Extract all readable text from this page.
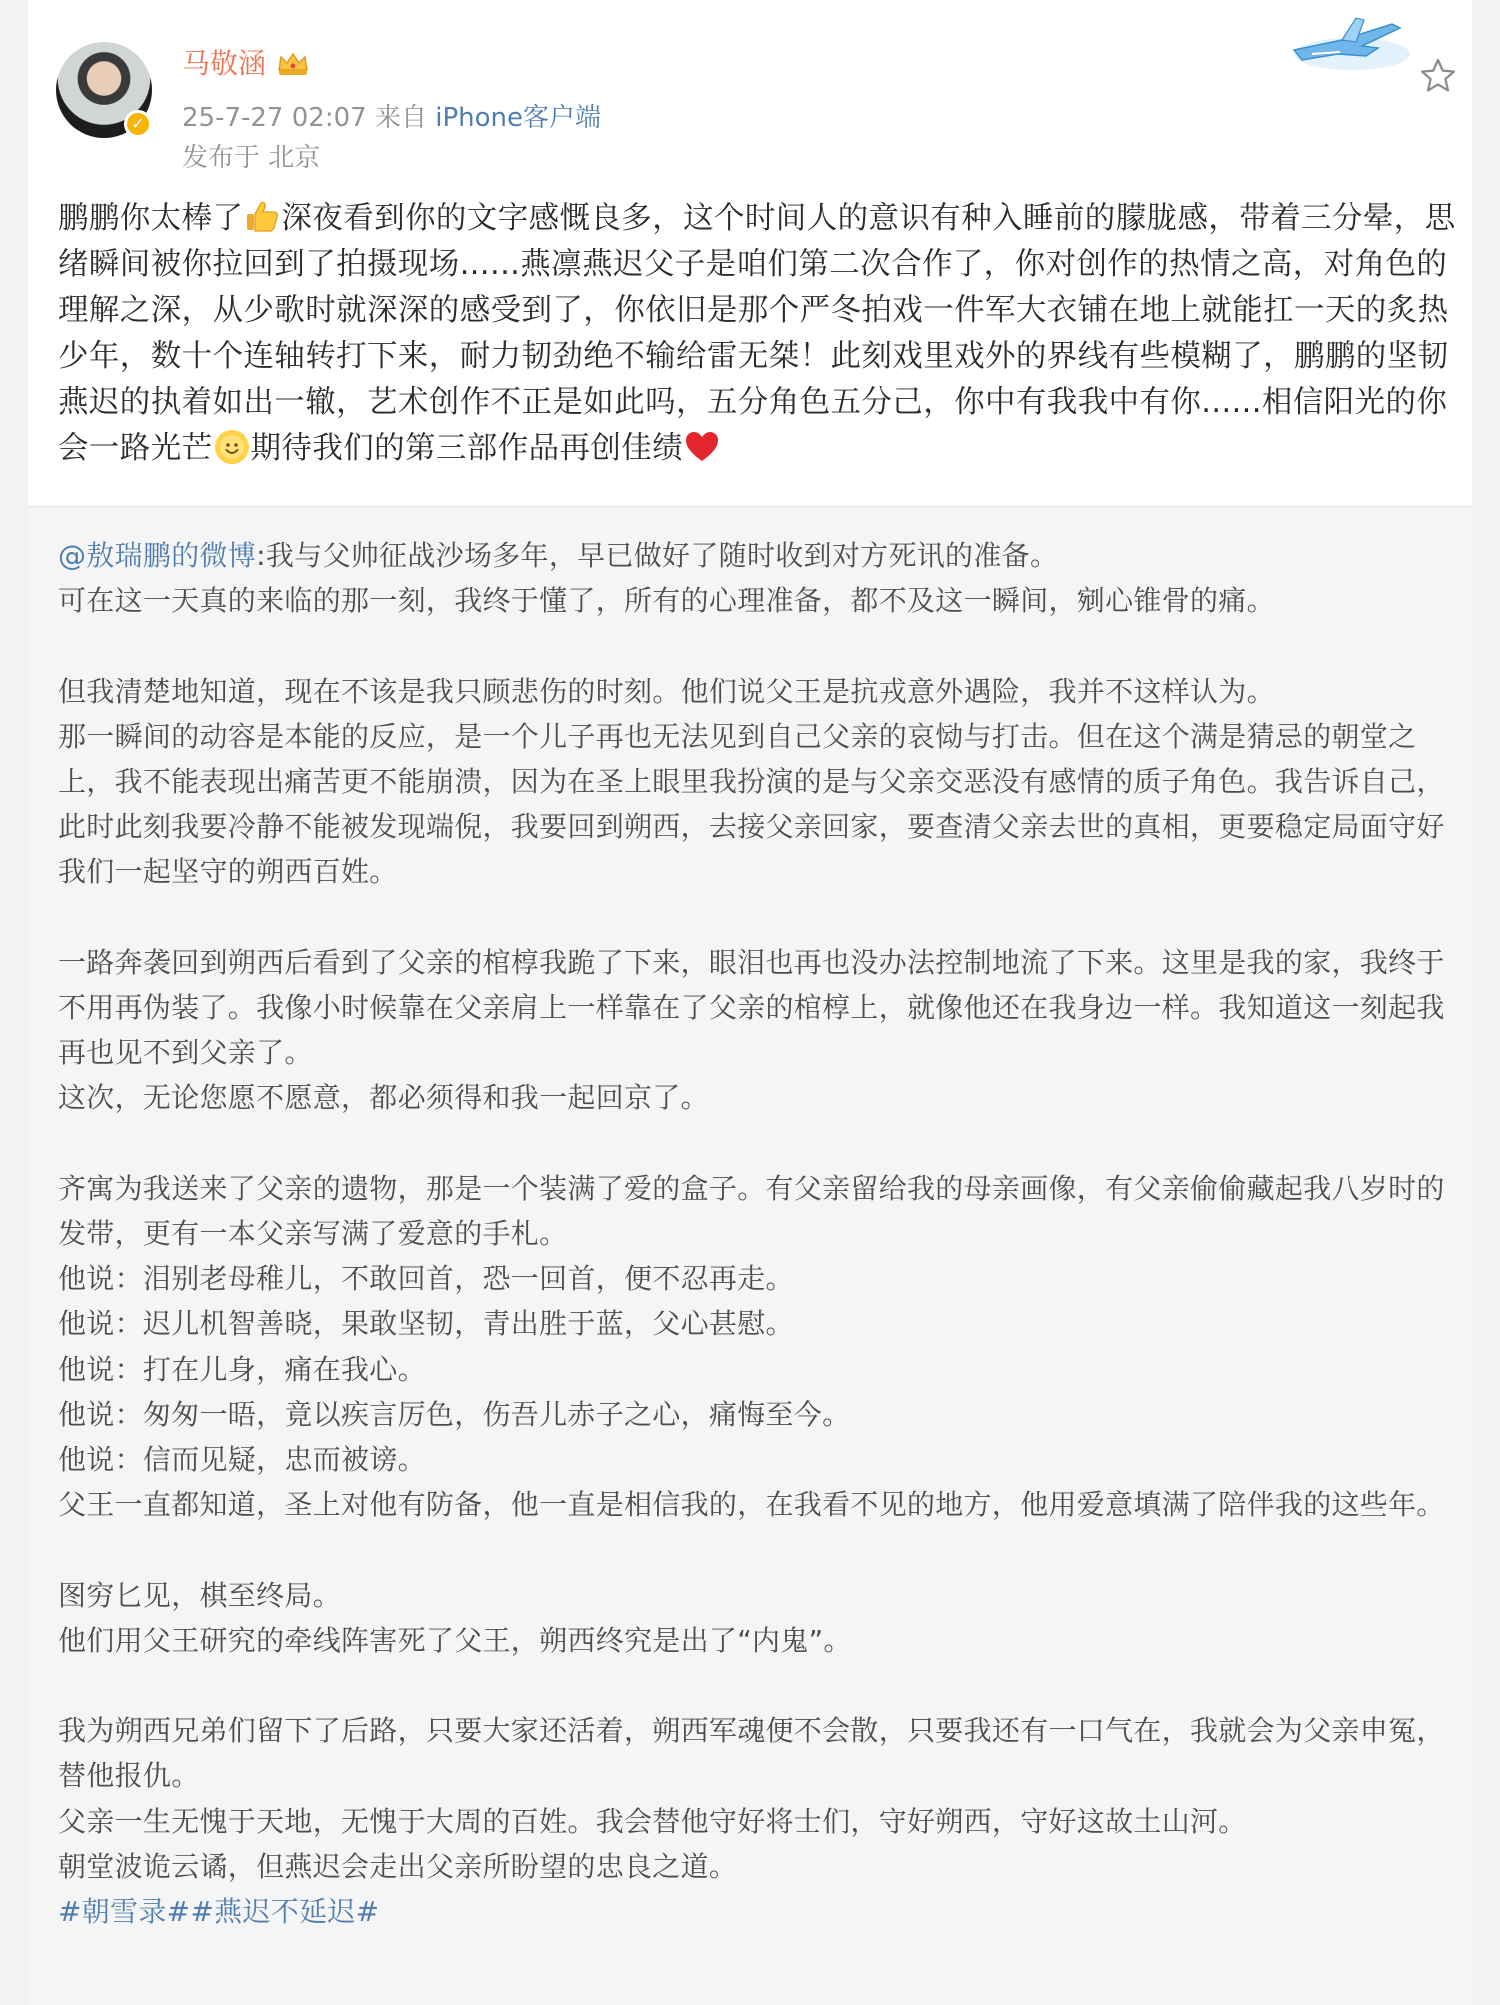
✓
马敬涵
25-7-27 02:07 来自 iPhone客户端
发布于 北京

鹏鹏你太棒了 深夜看到你的文字感慨良多，这个时间人的意识有种入睡前的朦胧感，带着三分晕，思绪瞬间被你拉回到了拍摄现场......燕凛燕迟父子是咱们第二次合作了，你对创作的热情之高，对角色的理解之深，从少歌时就深深的感受到了，你依旧是那个严冬拍戏一件军大衣铺在地上就能扛一天的炙热少年，数十个连轴转打下来，耐力韧劲绝不输给雷无桀！此刻戏里戏外的界线有些模糊了，鹏鹏的坚韧燕迟的执着如出一辙，艺术创作不正是如此吗，五分角色五分己，你中有我我中有你......相信阳光的你会一路光芒 期待我们的第三部作品再创佳绩

@敖瑞鹏的微博:我与父帅征战沙场多年，早已做好了随时收到对方死讯的准备。
可在这一天真的来临的那一刻，我终于懂了，所有的心理准备，都不及这一瞬间，剜心锥骨的痛。

但我清楚地知道，现在不该是我只顾悲伤的时刻。他们说父王是抗戎意外遇险，我并不这样认为。
那一瞬间的动容是本能的反应，是一个儿子再也无法见到自己父亲的哀恸与打击。但在这个满是猜忌的朝堂之上，我不能表现出痛苦更不能崩溃，因为在圣上眼里我扮演的是与父亲交恶没有感情的质子角色。我告诉自己，此时此刻我要冷静不能被发现端倪，我要回到朔西，去接父亲回家，要查清父亲去世的真相，更要稳定局面守好我们一起坚守的朔西百姓。

一路奔袭回到朔西后看到了父亲的棺椁我跪了下来，眼泪也再也没办法控制地流了下来。这里是我的家，我终于不用再伪装了。我像小时候靠在父亲肩上一样靠在了父亲的棺椁上，就像他还在我身边一样。我知道这一刻起我再也见不到父亲了。
这次，无论您愿不愿意，都必须得和我一起回京了。

齐寓为我送来了父亲的遗物，那是一个装满了爱的盒子。有父亲留给我的母亲画像，有父亲偷偷藏起我八岁时的发带，更有一本父亲写满了爱意的手札。
他说：泪别老母稚儿，不敢回首，恐一回首，便不忍再走。
他说：迟儿机智善晓，果敢坚韧，青出胜于蓝，父心甚慰。
他说：打在儿身，痛在我心。
他说：匆匆一晤，竟以疾言厉色，伤吾儿赤子之心，痛悔至今。
他说：信而见疑，忠而被谤。
父王一直都知道，圣上对他有防备，他一直是相信我的，在我看不见的地方，他用爱意填满了陪伴我的这些年。

图穷匕见，棋至终局。
他们用父王研究的牵线阵害死了父王，朔西终究是出了“内鬼”。

我为朔西兄弟们留下了后路，只要大家还活着，朔西军魂便不会散，只要我还有一口气在，我就会为父亲申冤，替他报仇。
父亲一生无愧于天地，无愧于大周的百姓。我会替他守好将士们，守好朔西，守好这故土山河。
朝堂波诡云谲，但燕迟会走出父亲所盼望的忠良之道。
#朝雪录##燕迟不延迟#
